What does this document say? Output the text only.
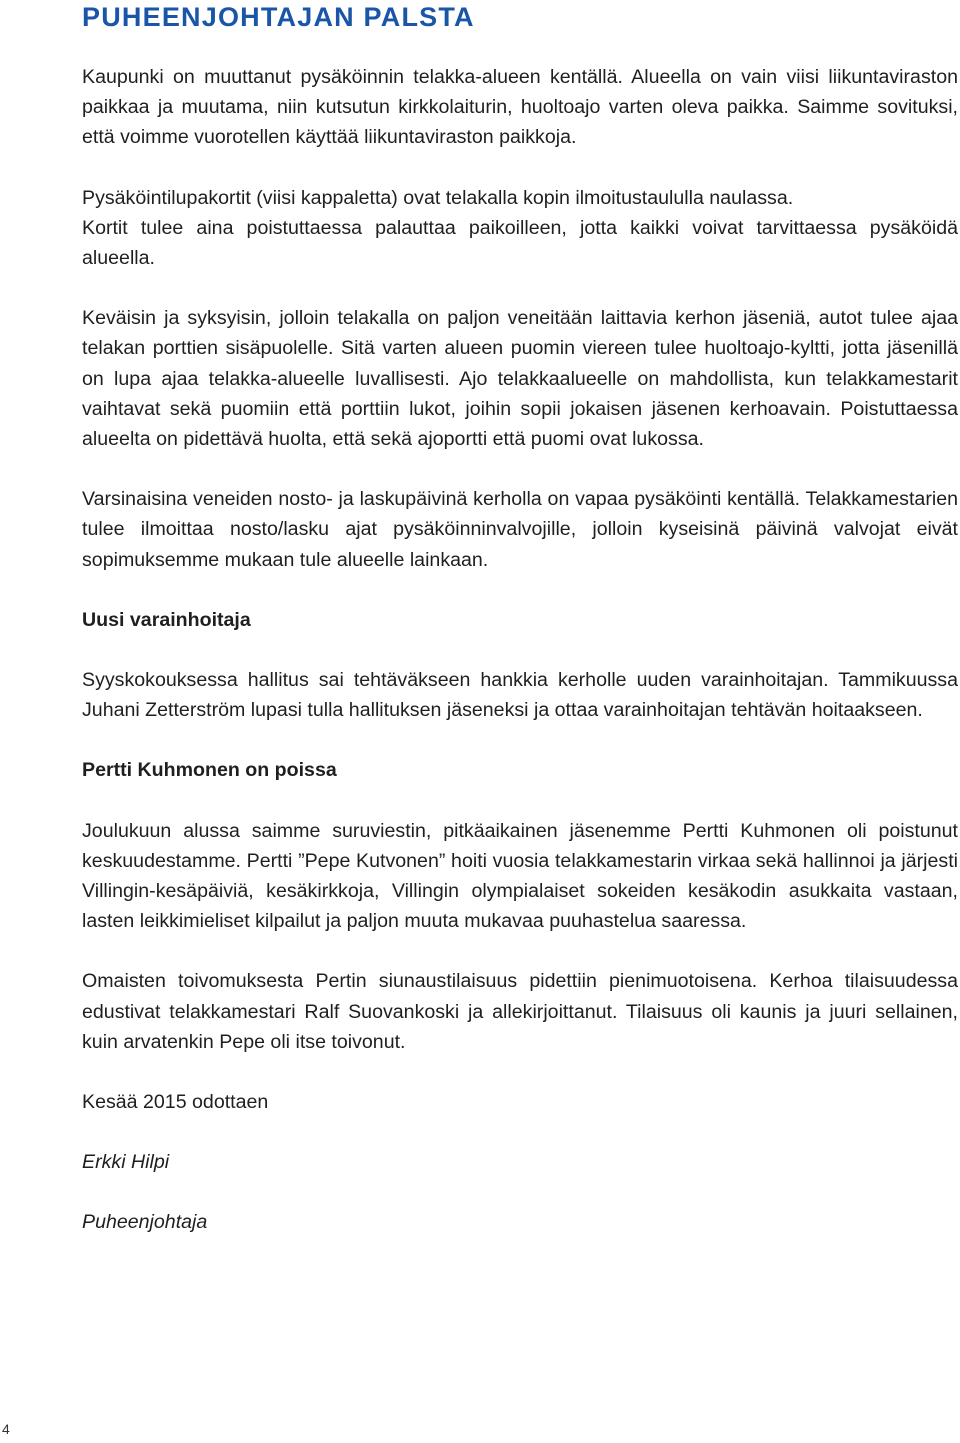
PUHEENJOHTAJAN PALSTA

Kaupunki on muuttanut pysäköinnin telakka-alueen kentällä. Alueella on vain viisi liikuntaviraston paikkaa ja muutama, niin kutsutun kirkkolaiturin, huoltoajo varten oleva paikka. Saimme sovituksi, että voimme vuorotellen käyttää liikuntaviraston paikkoja.

Pysäköintilupakortit (viisi kappaletta) ovat telakalla kopin ilmoitustaululla naulassa.

Kortit tulee aina poistuttaessa palauttaa paikoilleen, jotta kaikki voivat tarvittaessa pysäköidä alueella.

Keväisin ja syksyisin, jolloin telakalla on paljon veneitään laittavia kerhon jäseniä, autot tulee ajaa telakan porttien sisäpuolelle. Sitä varten alueen puomin viereen tulee huoltoajo-kyltti, jotta jäsenillä on lupa ajaa telakka-alueelle luvallisesti. Ajo telakkaalueelle on mahdollista, kun telakkamestarit vaihtavat sekä puomiin että porttiin lukot, joihin sopii jokaisen jäsenen kerhoavain. Poistuttaessa alueelta on pidettävä huolta, että sekä ajoportti että puomi ovat lukossa.

Varsinaisina veneiden nosto- ja laskupäivinä kerholla on vapaa pysäköinti kentällä. Telakkamestarien tulee ilmoittaa nosto/lasku ajat pysäköinninvalvojille, jolloin kyseisinä päivinä valvojat eivät sopimuksemme mukaan tule alueelle lainkaan.

Uusi varainhoitaja

Syyskokouksessa hallitus sai tehtäväkseen hankkia kerholle uuden varainhoitajan. Tammikuussa Juhani Zetterström lupasi tulla hallituksen jäseneksi ja ottaa varainhoitajan tehtävän hoitaakseen.

Pertti Kuhmonen on poissa

Joulukuun alussa saimme suruviestin, pitkäaikainen jäsenemme Pertti Kuhmonen oli poistunut keskuudestamme. Pertti ”Pepe Kutvonen” hoiti vuosia telakkamestarin virkaa sekä hallinnoi ja järjesti Villingin-kesäpäiviä, kesäkirkkoja, Villingin olympialaiset sokeiden kesäkodin asukkaita vastaan, lasten leikkimieliset kilpailut ja paljon muuta mukavaa puuhastelua saaressa.

Omaisten toivomuksesta Pertin siunaustilaisuus pidettiin pienimuotoisena. Kerhoa tilaisuudessa edustivat telakkamestari Ralf Suovankoski ja allekirjoittanut. Tilaisuus oli kaunis ja juuri sellainen, kuin arvatenkin Pepe oli itse toivonut.

Kesää 2015 odottaen

Erkki Hilpi

Puheenjohtaja

4
